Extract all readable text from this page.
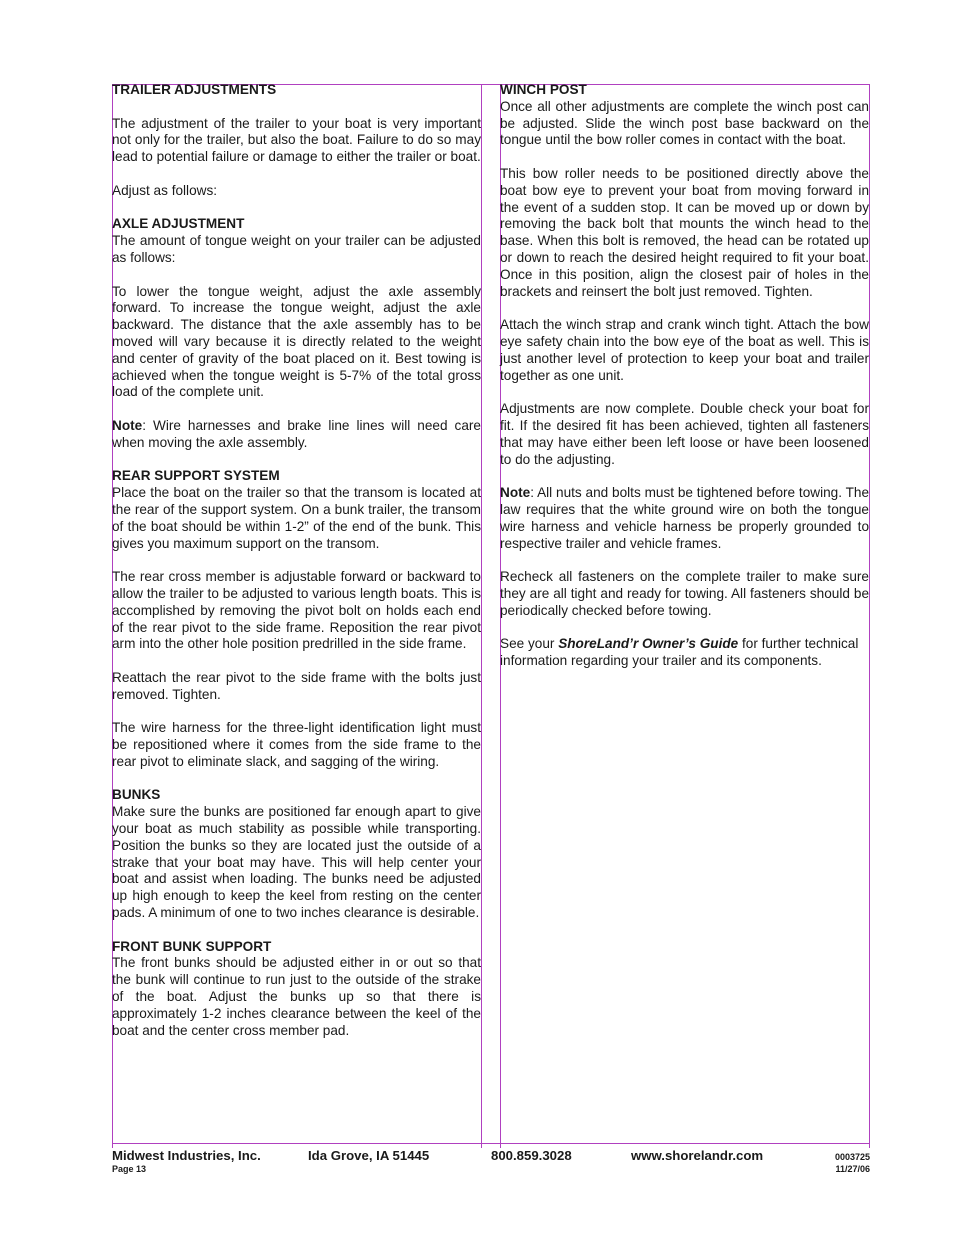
TRAILER ADJUSTMENTS

The adjustment of the trailer to your boat is very important not only for the trailer, but also the boat. Failure to do so may lead to potential failure or damage to either the trailer or boat.

Adjust as follows:

AXLE ADJUSTMENT

The amount of tongue weight on your trailer can be adjusted as follows:

To lower the tongue weight, adjust the axle assembly forward. To increase the tongue weight, adjust the axle backward. The distance that the axle assembly has to be moved will vary because it is directly related to the weight and center of gravity of the boat placed on it. Best towing is achieved when the tongue weight is 5-7% of the total gross load of the complete unit.

Note: Wire harnesses and brake line lines will need care when moving the axle assembly.

REAR SUPPORT SYSTEM

Place the boat on the trailer so that the transom is located at the rear of the support system. On a bunk trailer, the transom of the boat should be within 1-2” of the end of the bunk. This gives you maximum support on the transom.

The rear cross member is adjustable forward or backward to allow the trailer to be adjusted to various length boats. This is accomplished by removing the pivot bolt on holds each end of the rear pivot to the side frame. Reposition the rear pivot arm into the other hole position predrilled in the side frame.

Reattach the rear pivot to the side frame with the bolts just removed. Tighten.

The wire harness for the three-light identification light must be repositioned where it comes from the side frame to the rear pivot to eliminate slack, and sagging of the wiring.

BUNKS

Make sure the bunks are positioned far enough apart to give your boat as much stability as possible while transporting. Position the bunks so they are located just the outside of a strake that your boat may have. This will help center your boat and assist when loading. The bunks need be adjusted up high enough to keep the keel from resting on the center pads. A minimum of one to two inches clearance is desirable.

FRONT BUNK SUPPORT

The front bunks should be adjusted either in or out so that the bunk will continue to run just to the outside of the strake of the boat. Adjust the bunks up so that there is approximately 1-2 inches clearance between the keel of the boat and the center cross member pad.

WINCH POST

Once all other adjustments are complete the winch post can be adjusted. Slide the winch post base backward on the tongue until the bow roller comes in contact with the boat.

This bow roller needs to be positioned directly above the boat bow eye to prevent your boat from moving forward in the event of a sudden stop. It can be moved up or down by removing the back bolt that mounts the winch head to the base. When this bolt is removed, the head can be rotated up or down to reach the desired height required to fit your boat. Once in this position, align the closest pair of holes in the brackets and reinsert the bolt just removed. Tighten.

Attach the winch strap and crank winch tight. Attach the bow eye safety chain into the bow eye of the boat as well. This is just another level of protection to keep your boat and trailer together as one unit.

Adjustments are now complete. Double check your boat for fit. If the desired fit has been achieved, tighten all fasteners that may have either been left loose or have been loosened to do the adjusting.

Note: All nuts and bolts must be tightened before towing. The law requires that the white ground wire on both the tongue wire harness and vehicle harness be properly grounded to respective trailer and vehicle frames.

Recheck all fasteners on the complete trailer to make sure they are all tight and ready for towing. All fasteners should be periodically checked before towing.

See your ShoreLand’r Owner’s Guide for further technical information regarding your trailer and its components.

Midwest Industries, Inc.	Ida Grove, IA 51445	800.859.3028	www.shorelandr.com	0003725
Page 13	11/27/06
